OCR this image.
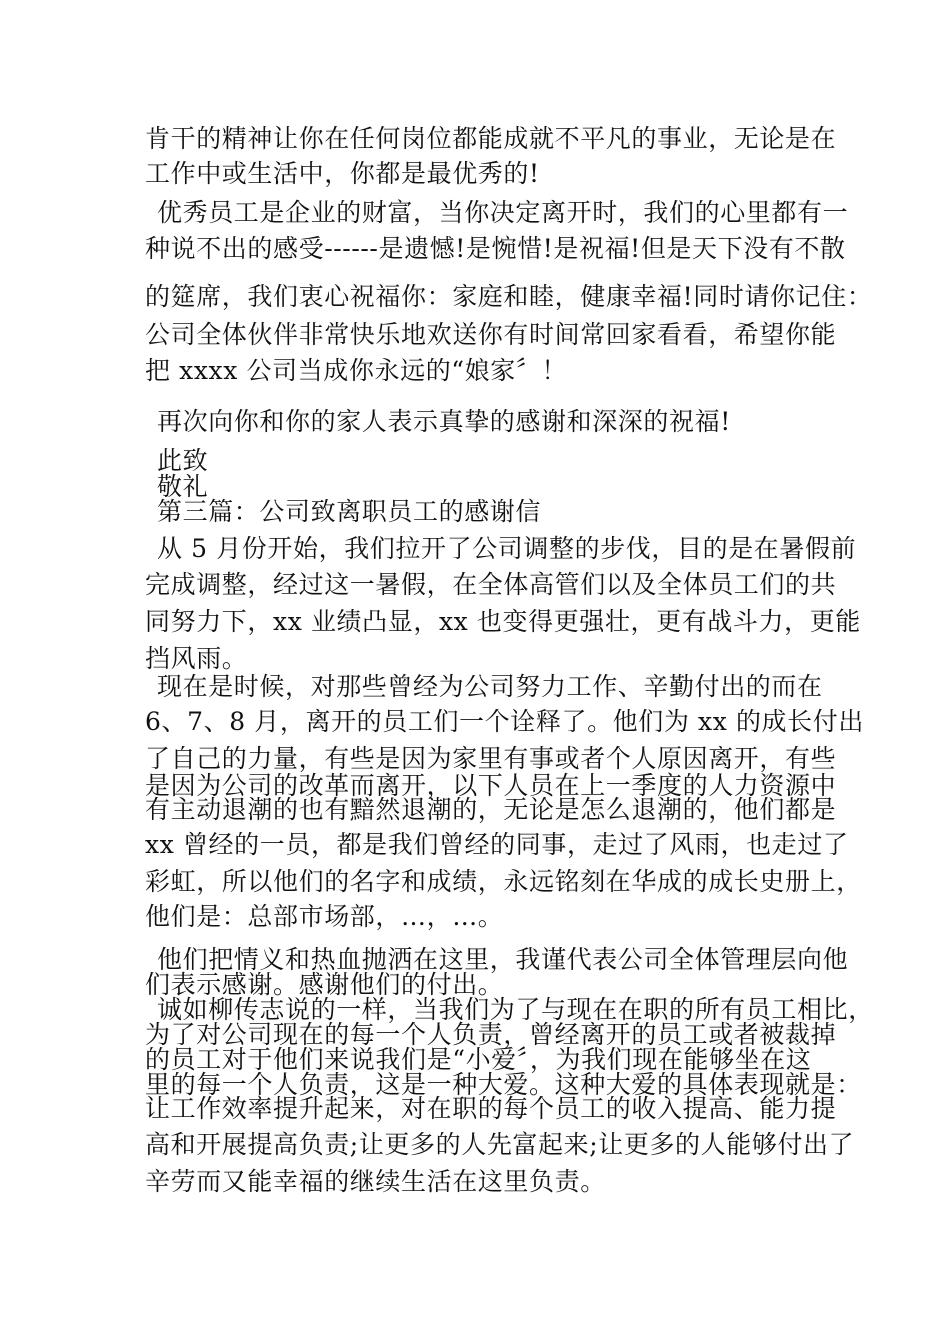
肯干的精神让你在任何岗位都能成就不平凡的事业，无论是在
工作中或生活中，你都是最优秀的!
优秀员工是企业的财富，当你决定离开时，我们的心里都有一
种说不出的感受------是遗憾!是惋惜!是祝福!但是天下没有不散
的筵席，我们衷心祝福你：家庭和睦，健康幸福!同时请你记住：
公司全体伙伴非常快乐地欢送你有时间常回家看看，希望你能
把 xxxx 公司当成你永远的“娘家〞！
再次向你和你的家人表示真挚的感谢和深深的祝福!
此致
敬礼
第三篇：公司致离职员工的感谢信
从 5 月份开始，我们拉开了公司调整的步伐，目的是在暑假前
完成调整，经过这一暑假，在全体高管们以及全体员工们的共
同努力下，xx 业绩凸显，xx 也变得更强壮，更有战斗力，更能
挡风雨。
现在是时候，对那些曾经为公司努力工作、辛勤付出的而在
6、7、8 月，离开的员工们一个诠释了。他们为 xx 的成长付出
了自己的力量，有些是因为家里有事或者个人原因离开，有些
是因为公司的改革而离开，以下人员在上一季度的人力资源中
有主动退潮的也有黯然退潮的，无论是怎么退潮的，他们都是
xx 曾经的一员，都是我们曾经的同事，走过了风雨，也走过了
彩虹，所以他们的名字和成绩，永远铭刻在华成的成长史册上，
他们是：总部市场部，…，…。
他们把情义和热血抛洒在这里，我谨代表公司全体管理层向他
们表示感谢。感谢他们的付出。
诚如柳传志说的一样，当我们为了与现在在职的所有员工相比，
为了对公司现在的每一个人负责，曾经离开的员工或者被裁掉
的员工对于他们来说我们是“小爱〞，为我们现在能够坐在这
里的每一个人负责，这是一种大爱。这种大爱的具体表现就是：
让工作效率提升起来，对在职的每个员工的收入提高、能力提
高和开展提高负责;让更多的人先富起来;让更多的人能够付出了
辛劳而又能幸福的继续生活在这里负责。
